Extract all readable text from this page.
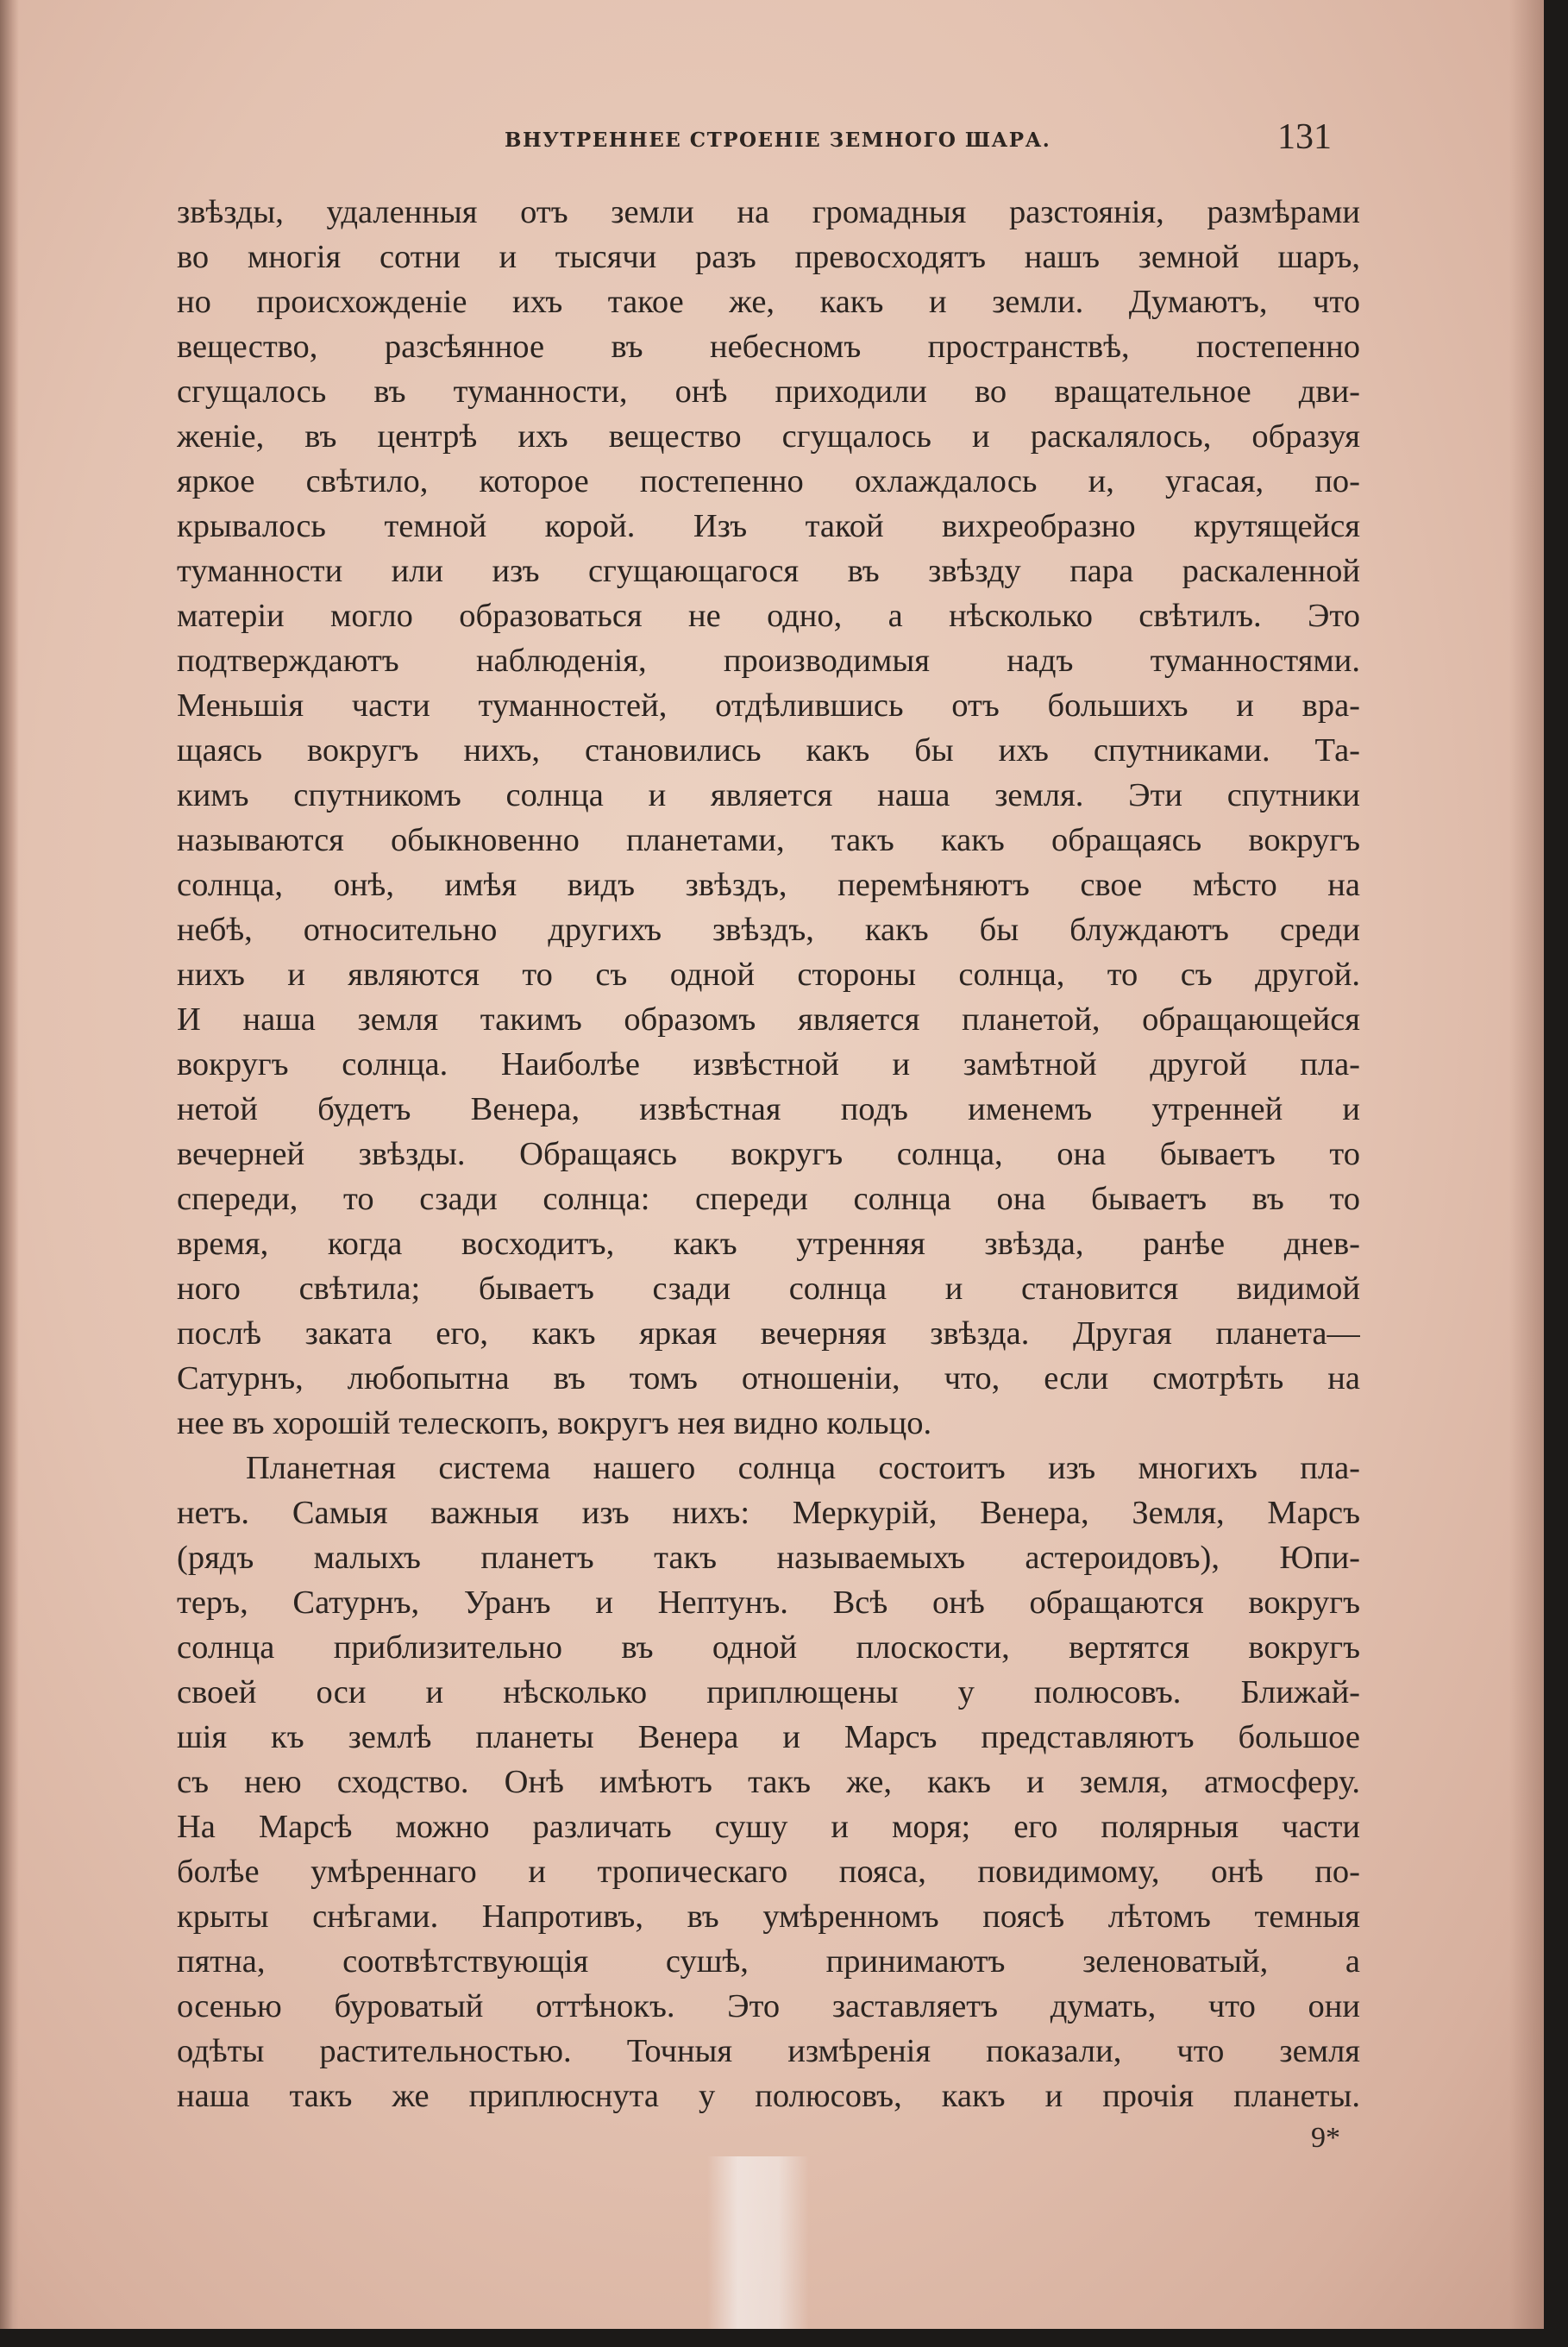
ВНУТРЕННЕЕ СТРОЕНІЕ ЗЕМНОГО ШАРА.	131
звѣзды, удаленныя отъ земли на громадныя разстоянія, размѣрами
во многія сотни и тысячи разъ превосходятъ нашъ земной шаръ,
но происхожденіе ихъ такое же, какъ и земли. Думаютъ, что
вещество, разсѣянное въ небесномъ пространствѣ, постепенно
сгущалось въ туманности, онѣ приходили во вращательное дви-
женіе, въ центрѣ ихъ вещество сгущалось и раскалялось, образуя
яркое свѣтило, которое постепенно охлаждалось и, угасая, по-
крывалось темной корой. Изъ такой вихреобразно крутящейся
туманности или изъ сгущающагося въ звѣзду пара раскаленной
матеріи могло образоваться не одно, а нѣсколько свѣтилъ. Это
подтверждаютъ наблюденія, производимыя надъ туманностями.
Меньшія части туманностей, отдѣлившись отъ большихъ и вра-
щаясь вокругъ нихъ, становились какъ бы ихъ спутниками. Та-
кимъ спутникомъ солнца и является наша земля. Эти спутники
называются обыкновенно планетами, такъ какъ обращаясь вокругъ
солнца, онѣ, имѣя видъ звѣздъ, перемѣняютъ свое мѣсто на
небѣ, относительно другихъ звѣздъ, какъ бы блуждаютъ среди
нихъ и являются то съ одной стороны солнца, то съ другой.
И наша земля такимъ образомъ является планетой, обращающейся
вокругъ солнца. Наиболѣе извѣстной и замѣтной другой пла-
нетой будетъ Венера, извѣстная подъ именемъ утренней и
вечерней звѣзды. Обращаясь вокругъ солнца, она бываетъ то
спереди, то сзади солнца: спереди солнца она бываетъ въ то
время, когда восходитъ, какъ утренняя звѣзда, ранѣе днев-
ного свѣтила; бываетъ сзади солнца и становится видимой
послѣ заката его, какъ яркая вечерняя звѣзда. Другая планета—
Сатурнъ, любопытна въ томъ отношеніи, что, если смотрѣть на
нее въ хорошій телескопъ, вокругъ нея видно кольцо.
Планетная система нашего солнца состоитъ изъ многихъ пла-
нетъ. Самыя важныя изъ нихъ: Меркурій, Венера, Земля, Марсъ
(рядъ малыхъ планетъ такъ называемыхъ астероидовъ), Юпи-
теръ, Сатурнъ, Уранъ и Нептунъ. Всѣ онѣ обращаются вокругъ
солнца приблизительно въ одной плоскости, вертятся вокругъ
своей оси и нѣсколько приплющены у полюсовъ. Ближай-
шія къ землѣ планеты Венера и Марсъ представляютъ большое
съ нею сходство. Онѣ имѣютъ такъ же, какъ и земля, атмосферу.
На Марсѣ можно различать сушу и моря; его полярныя части
болѣе умѣреннаго и тропическаго пояса, повидимому, онѣ по-
крыты снѣгами. Напротивъ, въ умѣренномъ поясѣ лѣтомъ темныя
пятна, соотвѣтствующія сушѣ, принимаютъ зеленоватый, а
осенью буроватый оттѣнокъ. Это заставляетъ думать, что они
одѣты растительностью. Точныя измѣренія показали, что земля
наша такъ же приплюснута у полюсовъ, какъ и прочія планеты.
9*
